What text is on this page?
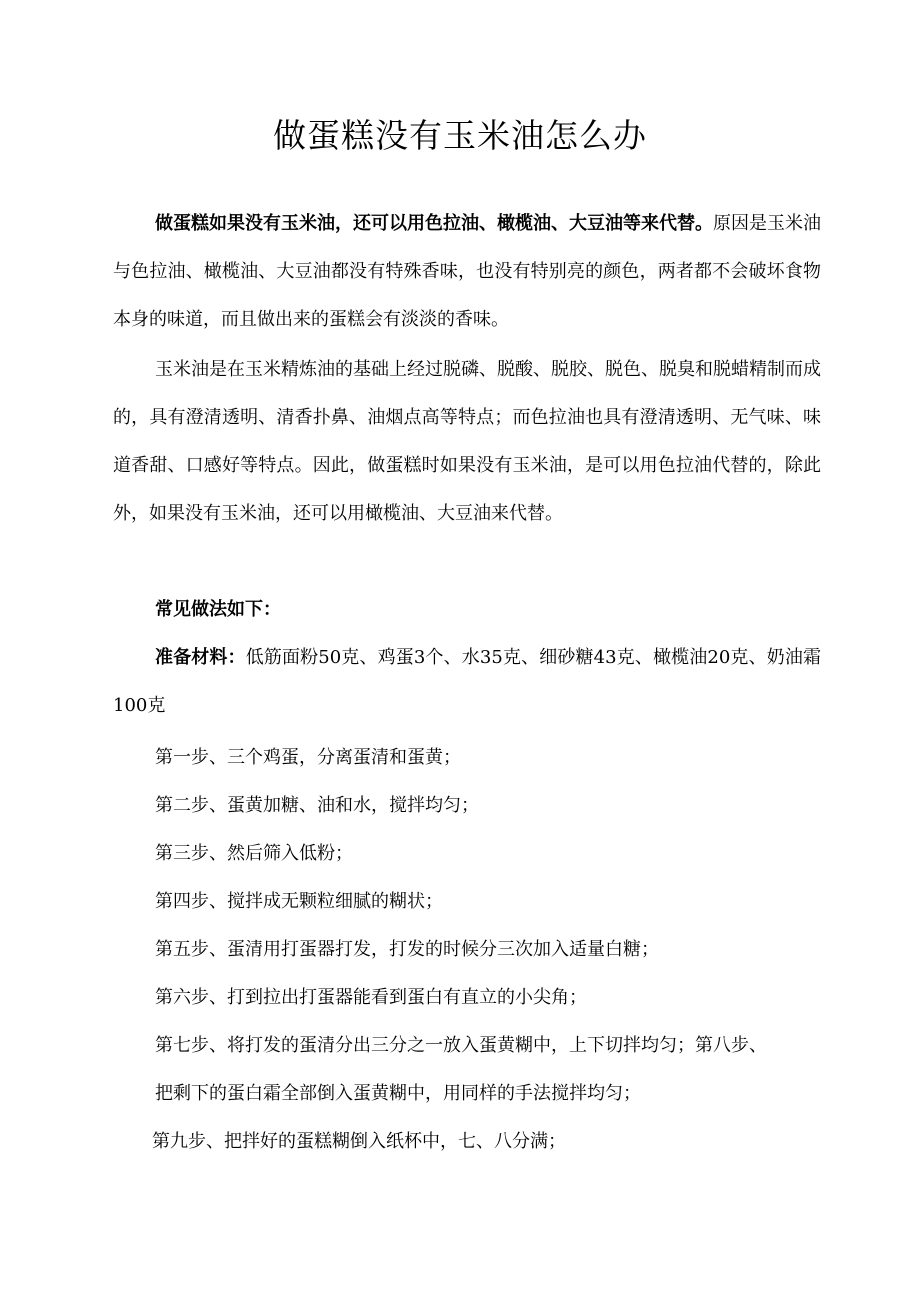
做蛋糕没有玉米油怎么办

做蛋糕如果没有玉米油，还可以用色拉油、橄榄油、大豆油等来代替。原因是玉米油与色拉油、橄榄油、大豆油都没有特殊香味，也没有特别亮的颜色，两者都不会破坏食物本身的味道，而且做出来的蛋糕会有淡淡的香味。

玉米油是在玉米精炼油的基础上经过脱磷、脱酸、脱胶、脱色、脱臭和脱蜡精制而成的，具有澄清透明、清香扑鼻、油烟点高等特点；而色拉油也具有澄清透明、无气味、味道香甜、口感好等特点。因此，做蛋糕时如果没有玉米油，是可以用色拉油代替的，除此外，如果没有玉米油，还可以用橄榄油、大豆油来代替。

常见做法如下：

准备材料：低筋面粉50克、鸡蛋3个、水35克、细砂糖43克、橄榄油20克、奶油霜100克

第一步、三个鸡蛋，分离蛋清和蛋黄；

第二步、蛋黄加糖、油和水，搅拌均匀；

第三步、然后筛入低粉；

第四步、搅拌成无颗粒细腻的糊状；

第五步、蛋清用打蛋器打发，打发的时候分三次加入适量白糖；

第六步、打到拉出打蛋器能看到蛋白有直立的小尖角；

第七步、将打发的蛋清分出三分之一放入蛋黄糊中，上下切拌均匀；第八步、

把剩下的蛋白霜全部倒入蛋黄糊中，用同样的手法搅拌均匀；

第九步、把拌好的蛋糕糊倒入纸杯中，七、八分满；
